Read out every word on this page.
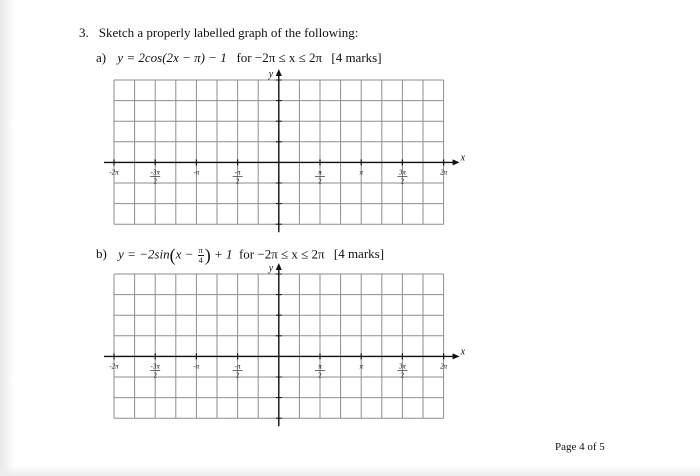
3. Sketch a properly labelled graph of the following:
a) y = 2cos(2x − π) − 1 for −2π ≤ x ≤ 2π [4 marks]
y
x
-2π	-3π
2
-π	-π
2
π
2
π	3π
2
2π
b) $y = -2\sin(x - \frac{\pi}{4}$ ) + 1 for −2π ≤ x ≤ 2π [4 marks]
y
x
-2π	-3π
2
-π	-π
2
π
2
π	3π
2
2π
Page 4 of 5
